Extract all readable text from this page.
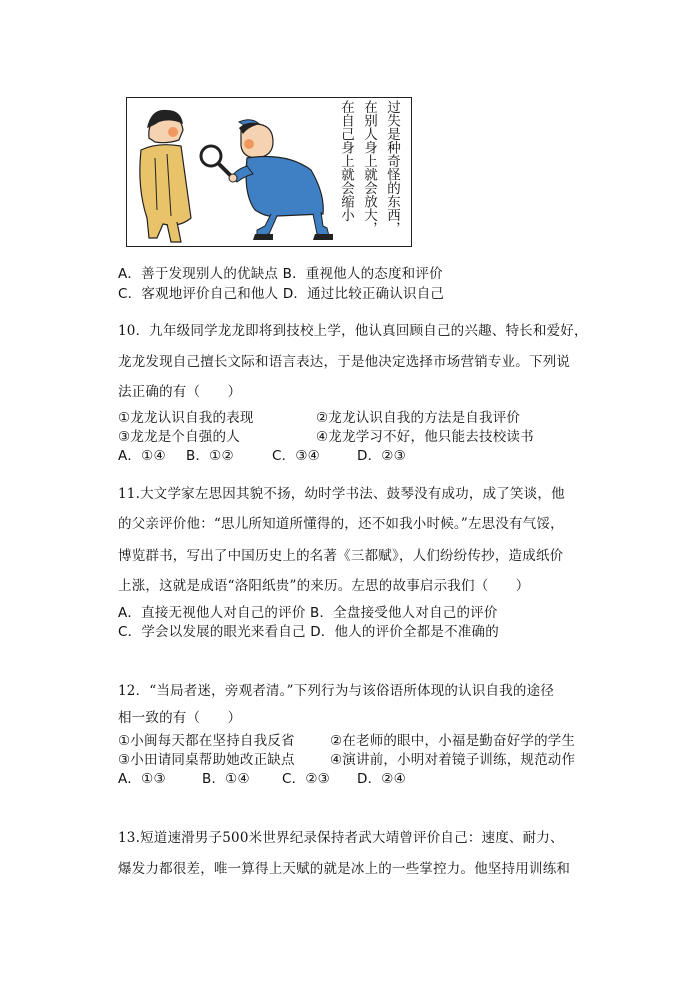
在自己身上就会缩小 在别人身上就会放大， 过失是种奇怪的东西，
A．善于发现别人的优缺点 B．重视他人的态度和评价
C．客观地评价自己和他人 D．通过比较正确认识自己
10．九年级同学龙龙即将到技校上学，他认真回顾自己的兴趣、特长和爱好，
龙龙发现自己擅长文际和语言表达，于是他决定选择市场营销专业。下列说
法正确的有（　　）
①龙龙认识自我的表现	②龙龙认识自我的方法是自我评价
③龙龙是个自强的人	④龙龙学习不好，他只能去技校读书
A．①④ B．①②	C．③④	D．②③
11.大文学家左思因其貌不扬，幼时学书法、鼓琴没有成功，成了笑谈，他
的父亲评价他：“思儿所知道所懂得的，还不如我小时候。”左思没有气馁，
博览群书，写出了中国历史上的名著《三都赋》，人们纷纷传抄，造成纸价
上涨，这就是成语“洛阳纸贵”的来历。左思的故事启示我们（　　）
A．直接无视他人对自己的评价 B．全盘接受他人对自己的评价
C．学会以发展的眼光来看自己 D．他人的评价全都是不准确的
12．“当局者迷，旁观者清。”下列行为与该俗语所体现的认识自我的途径
相一致的有（　　）
①小闽每天都在坚持自我反省	②在老师的眼中，小福是勤奋好学的学生
③小田请同桌帮助她改正缺点	④演讲前，小明对着镜子训练，规范动作
A．①③	B．①④ C．②③ D．②④
13.短道速滑男子500米世界纪录保持者武大靖曾评价自己：速度、耐力、
爆发力都很差，唯一算得上天赋的就是冰上的一些掌控力。他坚持用训练和
